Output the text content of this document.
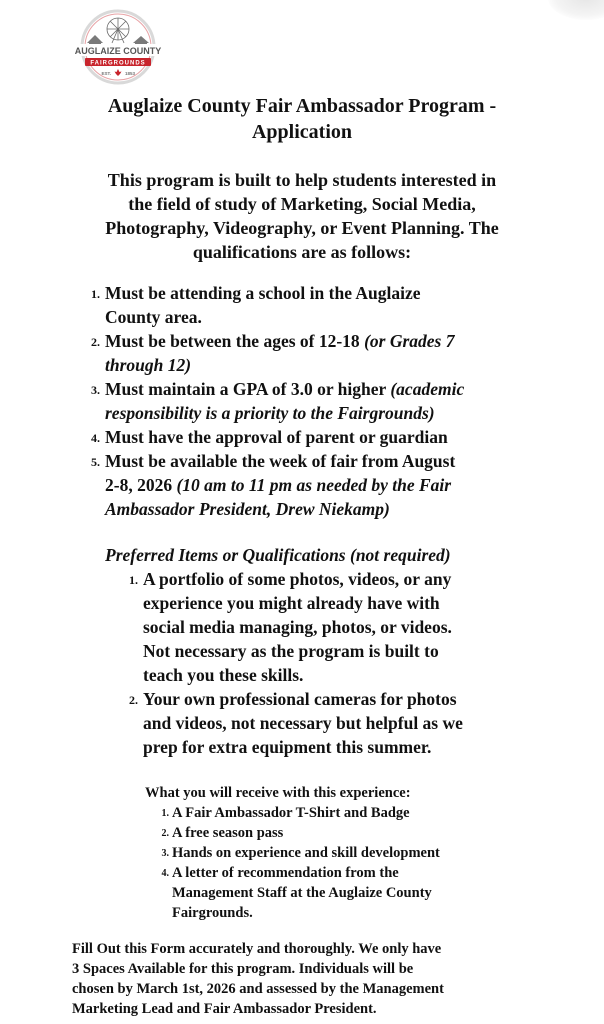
AUGLAIZE COUNTY
FAIRGROUNDS
EST.	1853
Auglaize County Fair Ambassador Program -
Application
This program is built to help students interested in
the field of study of Marketing, Social Media,
Photography, Videography, or Event Planning. The
qualifications are as follows:
1. Must be attending a school in the Auglaize
County area.
2. Must be between the ages of 12-18 (or Grades 7
through 12)
3. Must maintain a GPA of 3.0 or higher (academic
responsibility is a priority to the Fairgrounds)
4. Must have the approval of parent or guardian
5. Must be available the week of fair from August
2-8, 2026 (10 am to 11 pm as needed by the Fair
Ambassador President, Drew Niekamp)
Preferred Items or Qualifications (not required)
1. A portfolio of some photos, videos, or any
experience you might already have with
social media managing, photos, or videos.
Not necessary as the program is built to
teach you these skills.
2. Your own professional cameras for photos
and videos, not necessary but helpful as we
prep for extra equipment this summer.
What you will receive with this experience:
1. A Fair Ambassador T-Shirt and Badge
2. A free season pass
3. Hands on experience and skill development
4. A letter of recommendation from the
Management Staff at the Auglaize County
Fairgrounds.
Fill Out this Form accurately and thoroughly. We only have
3 Spaces Available for this program. Individuals will be
chosen by March 1st, 2026 and assessed by the Management
Marketing Lead and Fair Ambassador President.
